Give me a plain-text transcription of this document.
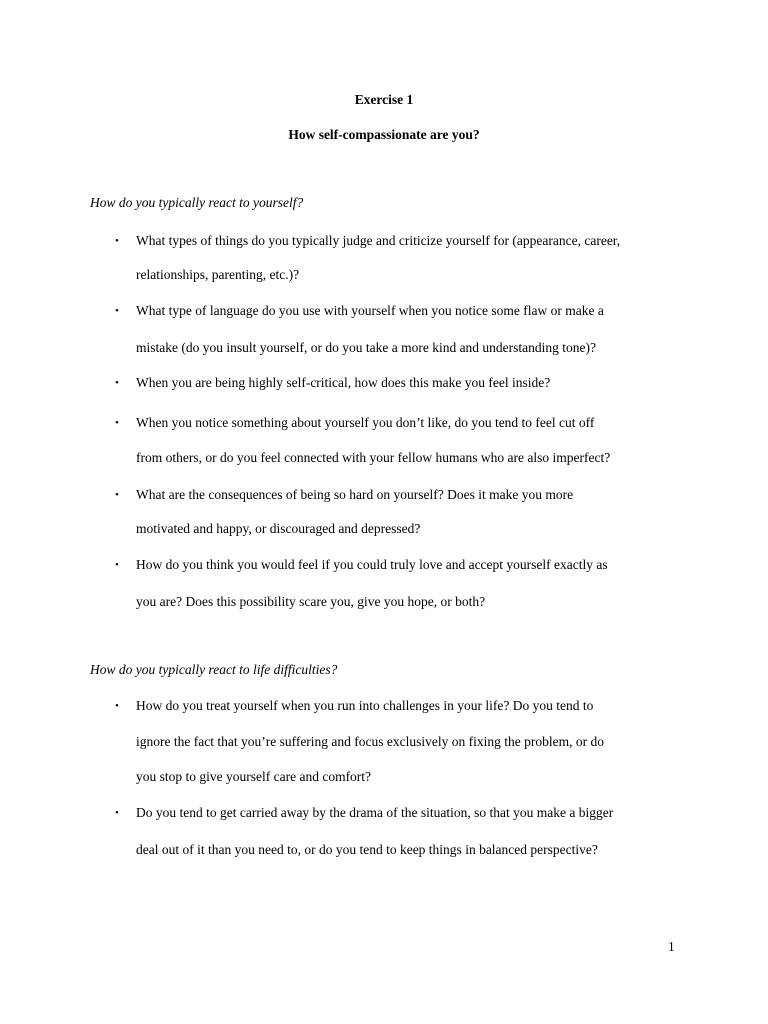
Exercise 1
How self-compassionate are you?
How do you typically react to yourself?
• What types of things do you typically judge and criticize yourself for (appearance, career,
relationships, parenting, etc.)?
• What type of language do you use with yourself when you notice some flaw or make a
mistake (do you insult yourself, or do you take a more kind and understanding tone)?
• When you are being highly self-critical, how does this make you feel inside?
• When you notice something about yourself you don’t like, do you tend to feel cut off
from others, or do you feel connected with your fellow humans who are also imperfect?
• What are the consequences of being so hard on yourself? Does it make you more
motivated and happy, or discouraged and depressed?
• How do you think you would feel if you could truly love and accept yourself exactly as
you are? Does this possibility scare you, give you hope, or both?
How do you typically react to life difficulties?
• How do you treat yourself when you run into challenges in your life? Do you tend to
ignore the fact that you’re suffering and focus exclusively on fixing the problem, or do
you stop to give yourself care and comfort?
• Do you tend to get carried away by the drama of the situation, so that you make a bigger
deal out of it than you need to, or do you tend to keep things in balanced perspective?
1
